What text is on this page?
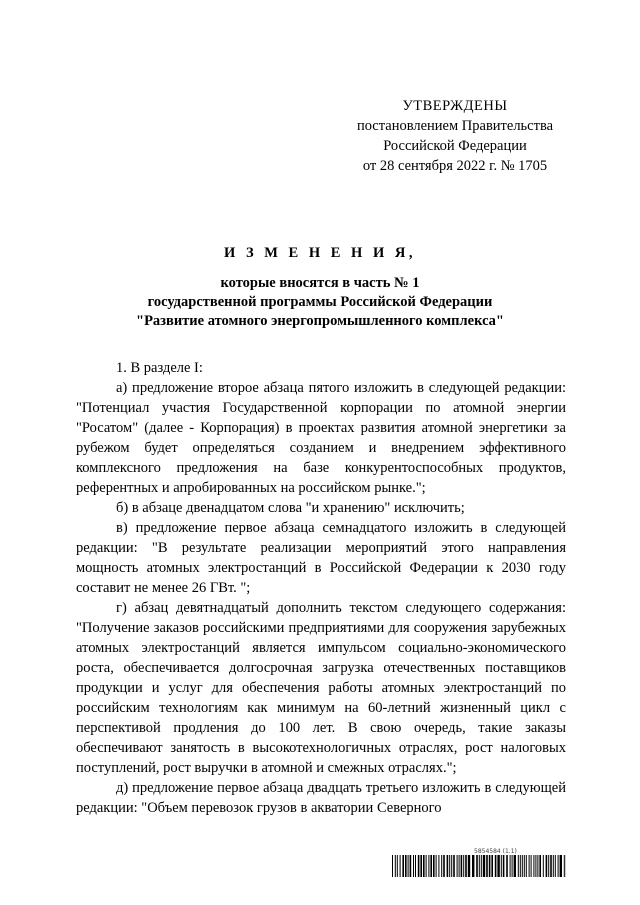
УТВЕРЖДЕНЫ
постановлением Правительства
Российской Федерации
от 28 сентября 2022 г. № 1705
И З М Е Н Е Н И Я,
которые вносятся в часть № 1
государственной программы Российской Федерации
"Развитие атомного энергопромышленного комплекса"

1. В разделе I:

а) предложение второе абзаца пятого изложить в следующей редакции: "Потенциал участия Государственной корпорации по атомной энергии "Росатом" (далее - Корпорация) в проектах развития атомной энергетики за рубежом будет определяться созданием и внедрением эффективного комплексного предложения на базе конкурентоспособных продуктов, референтных и апробированных на российском рынке.";

б) в абзаце двенадцатом слова "и хранению" исключить;

в) предложение первое абзаца семнадцатого изложить в следующей редакции: "В результате реализации мероприятий этого направления мощность атомных электростанций в Российской Федерации к 2030 году составит не менее 26 ГВт. ";

г) абзац девятнадцатый дополнить текстом следующего содержания: "Получение заказов российскими предприятиями для сооружения зарубежных атомных электростанций является импульсом социально-экономического роста, обеспечивается долгосрочная загрузка отечественных поставщиков продукции и услуг для обеспечения работы атомных электростанций по российским технологиям как минимум на 60-летний жизненный цикл с перспективой продления до 100 лет. В свою очередь, такие заказы обеспечивают занятость в высокотехнологичных отраслях, рост налоговых поступлений, рост выручки в атомной и смежных отраслях.";

д) предложение первое абзаца двадцать третьего изложить в следующей редакции: "Объем перевозок грузов в акватории Северного

5854584 (1.1)
